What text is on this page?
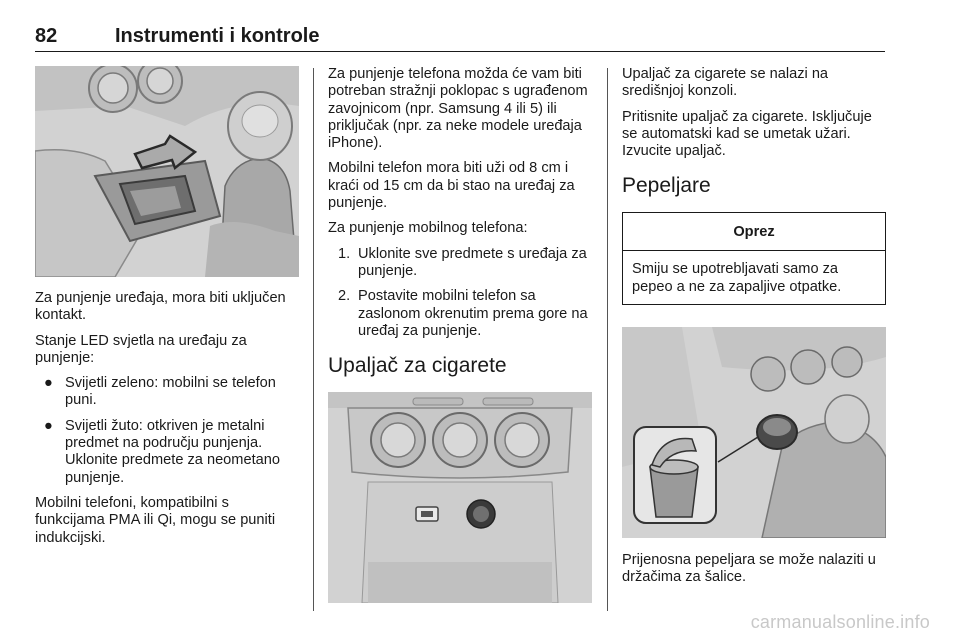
82	Instrumenti i kontrole

Za punjenje uređaja, mora biti uključen kontakt.

Stanje LED svjetla na uređaju za punjenje:

● Svijetli zeleno: mobilni se telefon puni.
● Svijetli žuto: otkriven je metalni predmet na području punjenja. Uklonite predmete za neometano punjenje.

Mobilni telefoni, kompatibilni s funkcijama PMA ili Qi, mogu se puniti indukcijski.

Za punjenje telefona možda će vam biti potreban stražnji poklopac s ugrađenom zavojnicom (npr. Samsung 4 ili 5) ili priključak (npr. za neke modele uređaja iPhone).

Mobilni telefon mora biti uži od 8 cm i kraći od 15 cm da bi stao na uređaj za punjenje.

Za punjenje mobilnog telefona:

1. Uklonite sve predmete s uređaja za punjenje.
2. Postavite mobilni telefon sa zaslonom okrenutim prema gore na uređaj za punjenje.
Upaljač za cigarete

Upaljač za cigarete se nalazi na središnjoj konzoli.

Pritisnite upaljač za cigarete. Isključuje se automatski kad se umetak užari. Izvucite upaljač.

Pepeljare
Oprez
Smiju se upotrebljavati samo za pepeo a ne za zapaljive otpatke.

Prijenosna pepeljara se može nalaziti u držačima za šalice.

carmanualsonline.info
